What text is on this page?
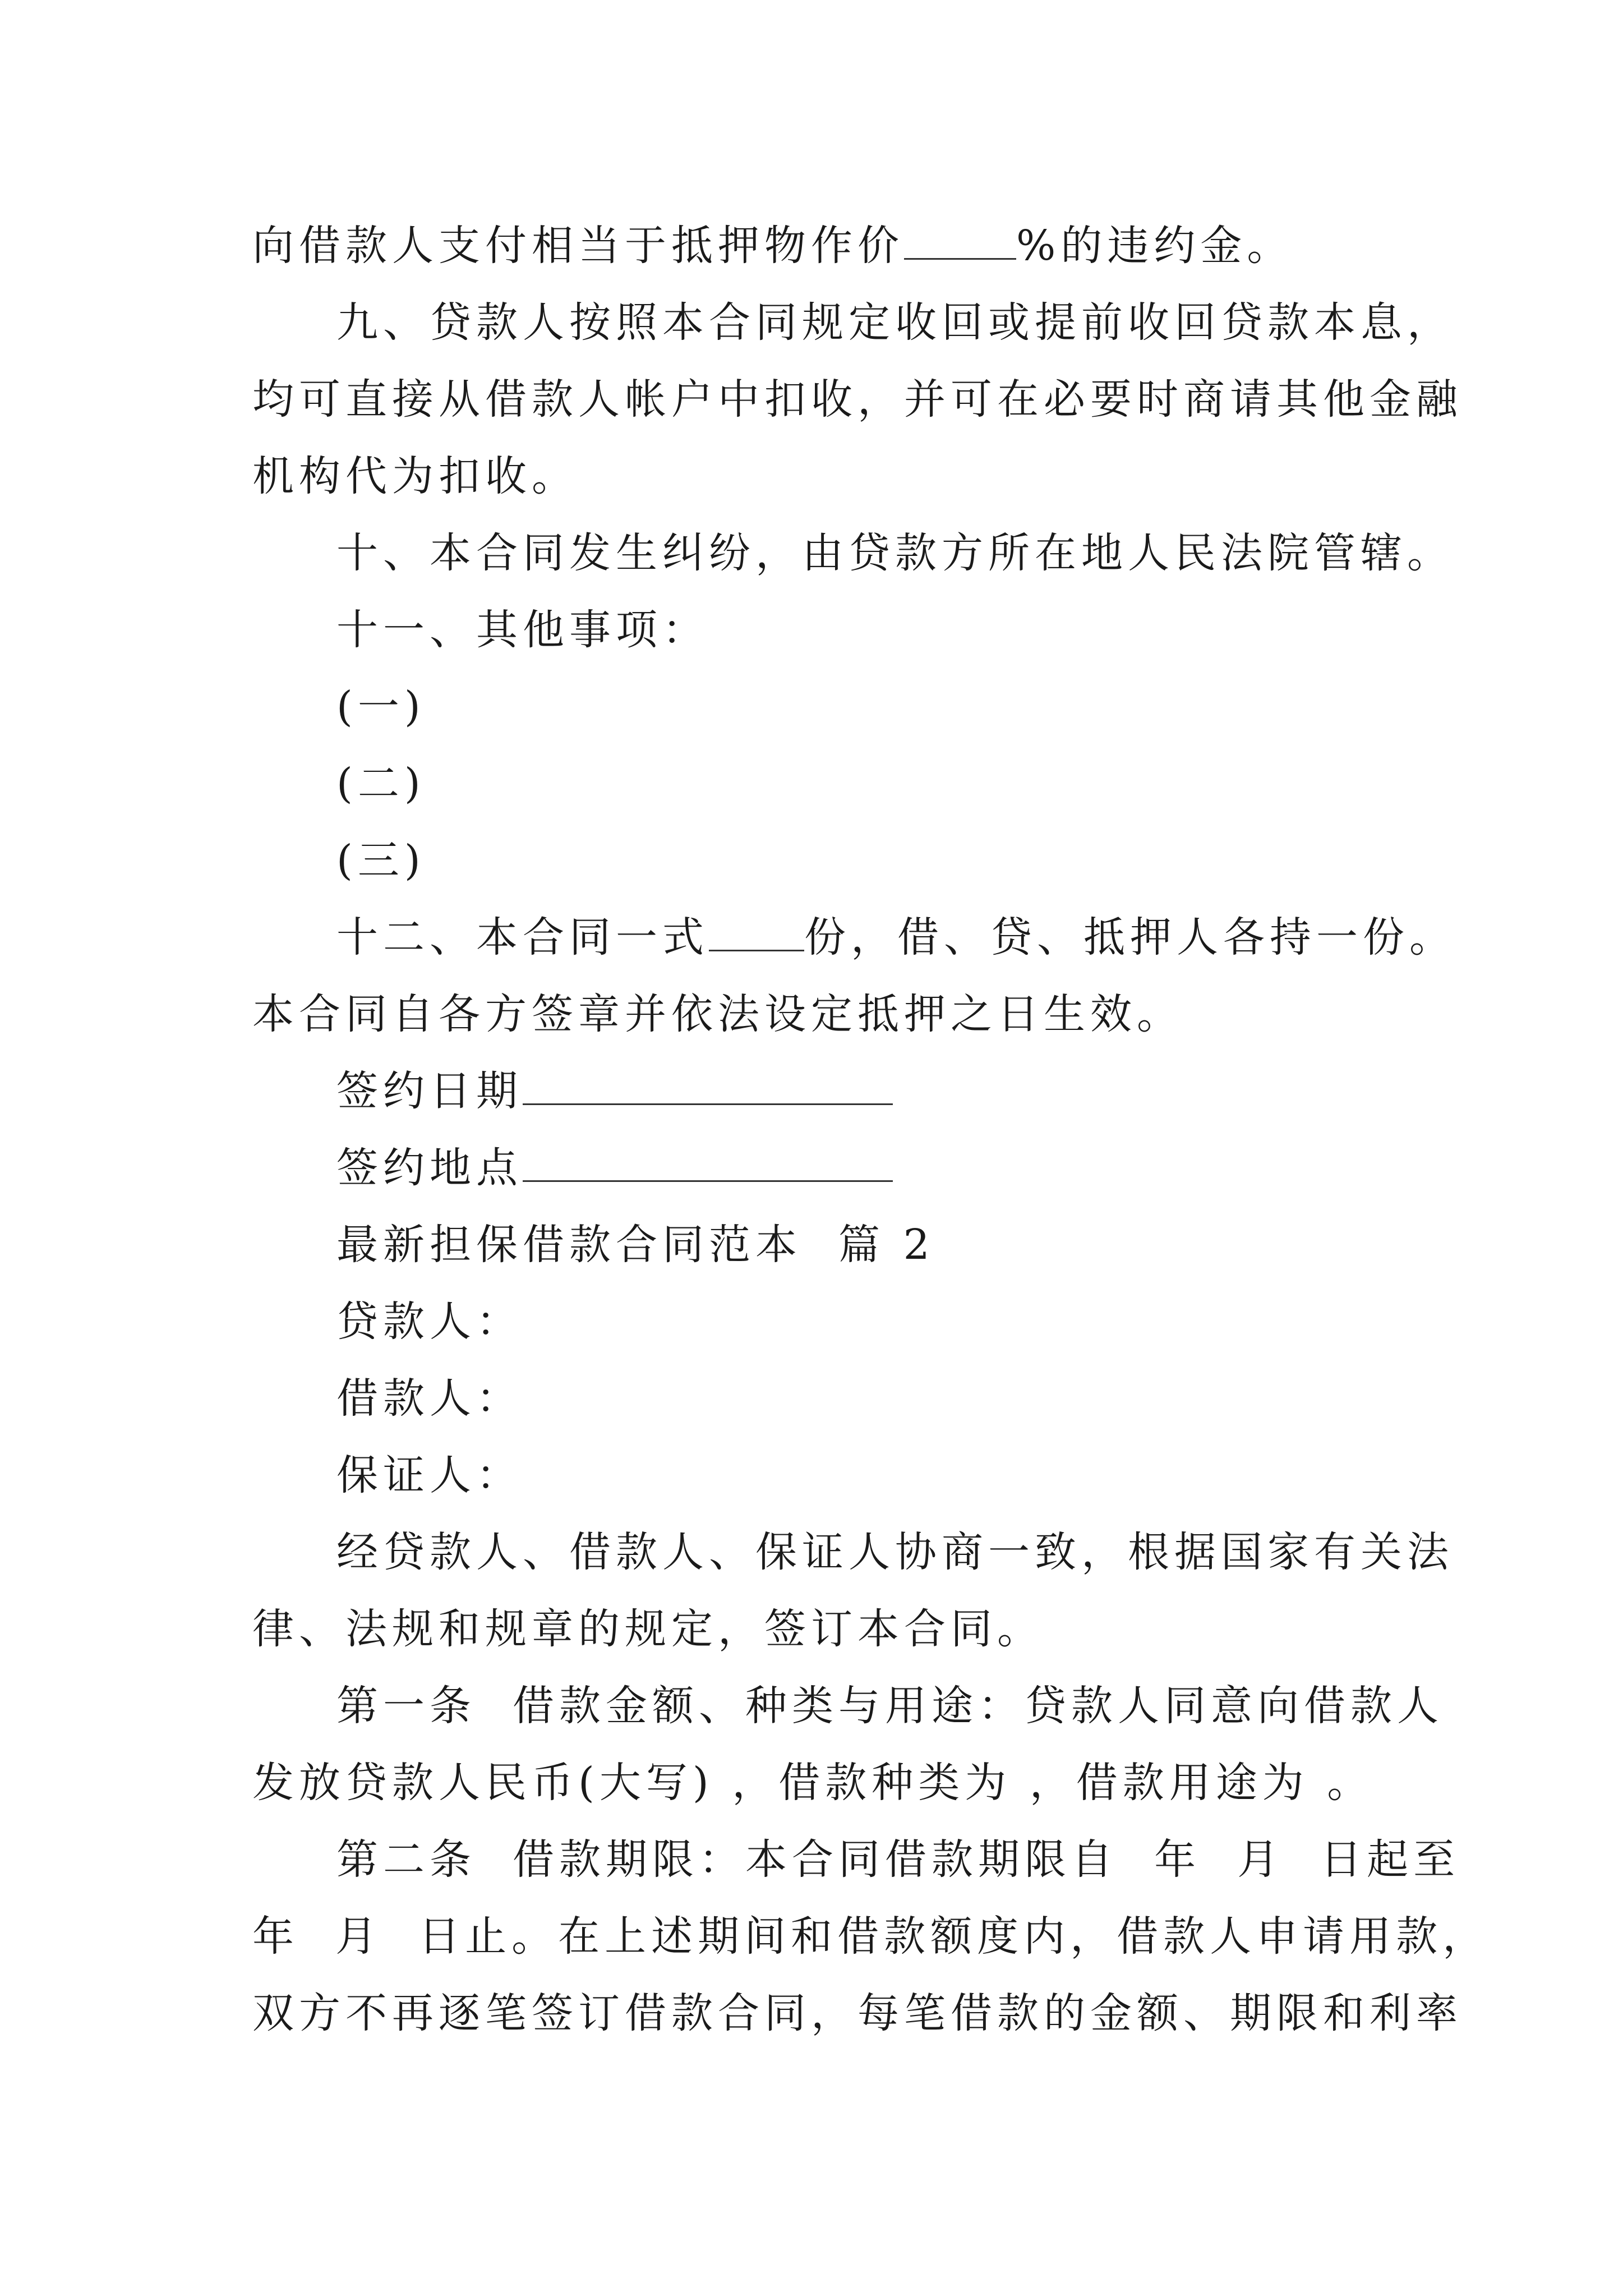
向借款人支付相当于抵押物作价	%的违约金。

九、贷款人按照本合同规定收回或提前收回贷款本息，
均可直接从借款人帐户中扣收，并可在必要时商请其他金融
机构代为扣收。

十、本合同发生纠纷，由贷款方所在地人民法院管辖。

十一、其他事项：
(一)
(二)
(三)

十二、本合同一式 份，借、贷、抵押人各持一份。
本合同自各方签章并依法设定抵押之日生效。

签约日期
签约地点

最新担保借款合同范本  篇 2

贷款人：
借款人：
保证人：

经贷款人、借款人、保证人协商一致，根据国家有关法
律、法规和规章的规定，签订本合同。

第一条  借款金额、种类与用途：贷款人同意向借款人
发放贷款人民币(大写) ，借款种类为 ，借款用途为 。

第二条  借款期限：本合同借款期限自  年  月  日起至
年  月  日止。在上述期间和借款额度内，借款人申请用款，
双方不再逐笔签订借款合同，每笔借款的金额、期限和利率
